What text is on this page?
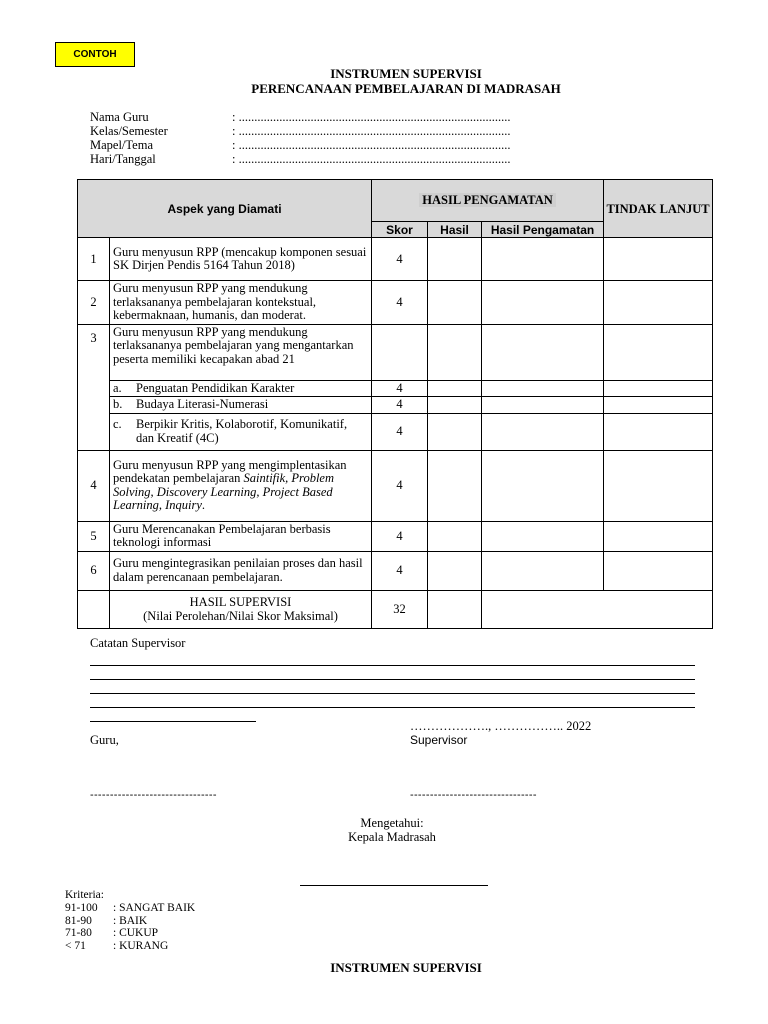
CONTOH
INSTRUMEN SUPERVISI
PERENCANAAN PEMBELAJARAN DI MADRASAH
Nama Guru	: .......................................................................................
Kelas/Semester	: .......................................................................................
Mapel/Tema	: .......................................................................................
Hari/Tanggal	: .......................................................................................
Aspek yang Diamati		HASIL PENGAMATAN			TINDAK LANJUT
		Skor	Hasil	Hasil Pengamatan	
1	Guru menyusun RPP (mencakup komponen sesuai SK Dirjen Pendis 5164 Tahun 2018)	4			
2	Guru menyusun RPP yang mendukung terlaksananya pembelajaran kontekstual, kebermaknaan, humanis, dan moderat.	4			
3	Guru menyusun RPP yang mendukung terlaksananya pembelajaran yang mengantarkan peserta memiliki kecapakan abad 21				

	a. Penguatan Pendidikan Karakter	4			

	b. Budaya Literasi-Numerasi	4			

	c. Berpikir Kritis, Kolaborotif, Komunikatif, dan Kreatif (4C)	4			
4	Guru menyusun RPP yang mengimplentasikan pendekatan pembelajaran Saintifik, Problem Solving, Discovery Learning, Project Based Learning, Inquiry.	4			
5	Guru Merencanakan Pembelajaran berbasis teknologi informasi	4			
6	Guru mengintegrasikan penilaian proses dan hasil dalam perencanaan pembelajaran.	4			

	HASIL SUPERVISI
(Nilai Perolehan/Nilai Skor Maksimal)	32			
Catatan Supervisor
………………., …………….. 2022
Guru,	Supervisor
--------------------------------	--------------------------------
Mengetahui:
Kepala Madrasah
Kriteria:
91-100	: SANGAT BAIK
81-90	: BAIK
71-80	: CUKUP
< 71	: KURANG
INSTRUMEN SUPERVISI
